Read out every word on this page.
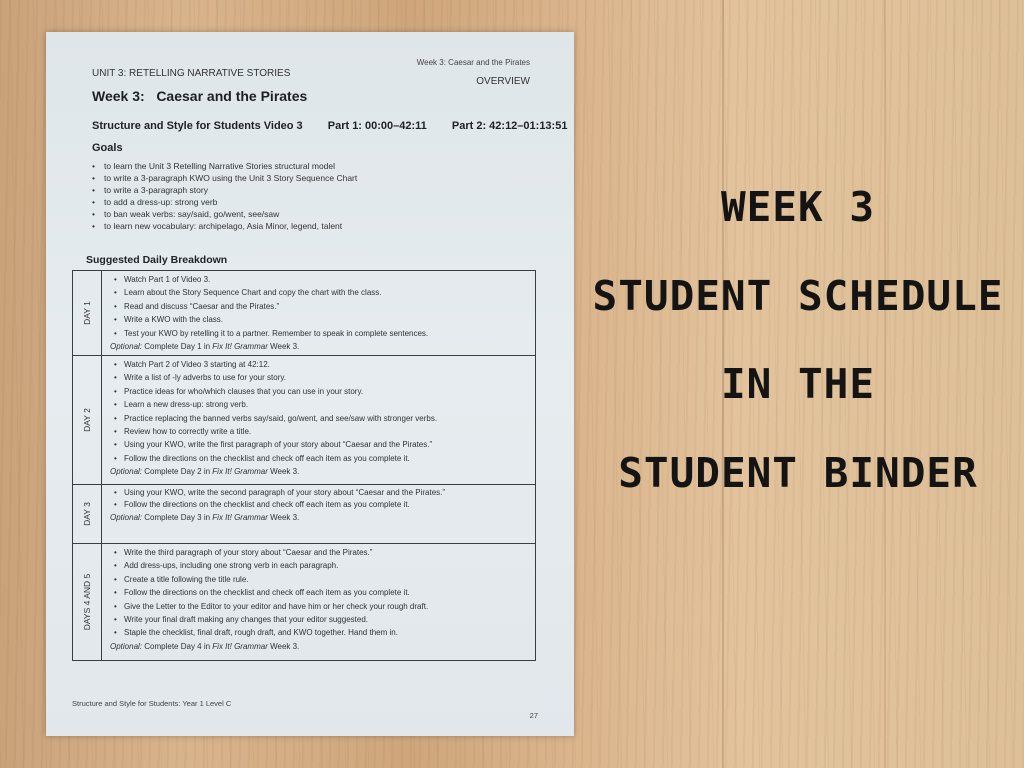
Week 3: Caesar and the Pirates
OVERVIEW
UNIT 3: RETELLING NARRATIVE STORIES
Week 3:   Caesar and the Pirates
Structure and Style for Students Video 3 Part 1: 00:00–42:11 Part 2: 42:12–01:13:51
Goals
• to learn the Unit 3 Retelling Narrative Stories structural model
• to write a 3-paragraph KWO using the Unit 3 Story Sequence Chart
• to write a 3-paragraph story
• to add a dress-up: strong verb
• to ban weak verbs: say/said, go/went, see/saw
• to learn new vocabulary: archipelago, Asia Minor, legend, talent
Suggested Daily Breakdown
DAY 1
• Watch Part 1 of Video 3.
• Learn about the Story Sequence Chart and copy the chart with the class.
• Read and discuss “Caesar and the Pirates.”
• Write a KWO with the class.
• Test your KWO by retelling it to a partner. Remember to speak in complete sentences.
Optional: Complete Day 1 in Fix It! Grammar Week 3.
DAY 2
• Watch Part 2 of Video 3 starting at 42:12.
• Write a list of -ly adverbs to use for your story.
• Practice ideas for who/which clauses that you can use in your story.
• Learn a new dress-up: strong verb.
• Practice replacing the banned verbs say/said, go/went, and see/saw with stronger verbs.
• Review how to correctly write a title.
• Using your KWO, write the first paragraph of your story about “Caesar and the Pirates.”
• Follow the directions on the checklist and check off each item as you complete it.
Optional: Complete Day 2 in Fix It! Grammar Week 3.
DAY 3
• Using your KWO, write the second paragraph of your story about “Caesar and the Pirates.”
• Follow the directions on the checklist and check off each item as you complete it.
Optional: Complete Day 3 in Fix It! Grammar Week 3.
DAYS 4 AND 5
• Write the third paragraph of your story about “Caesar and the Pirates.”
• Add dress-ups, including one strong verb in each paragraph.
• Create a title following the title rule.
• Follow the directions on the checklist and check off each item as you complete it.
• Give the Letter to the Editor to your editor and have him or her check your rough draft.
• Write your final draft making any changes that your editor suggested.
• Staple the checklist, final draft, rough draft, and KWO together. Hand them in.
Optional: Complete Day 4 in Fix It! Grammar Week 3.
Structure and Style for Students: Year 1 Level C
27
WEEK 3
STUDENT SCHEDULE
IN THE
STUDENT BINDER
